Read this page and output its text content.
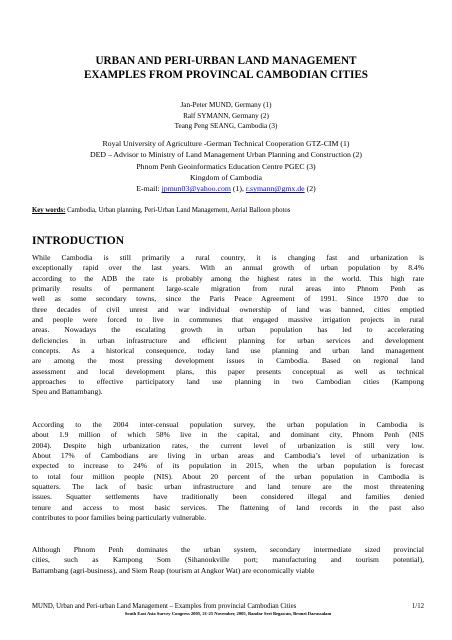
URBAN AND PERI-URBAN LAND MANAGEMENT
EXAMPLES FROM PROVINCAL CAMBODIAN CITIES
Jan-Peter MUND, Germany (1)
Ralf SYMANN, Germany (2)
Teang Peng SEANG, Cambodia (3)
Royal University of Agriculture -German Technical Cooperation GTZ-CIM (1)
DED – Advisor to Ministry of Land Management Urban Planning and Construction (2)
Phnom Penh Geoinformatics Education Centre PGEC (3)
Kingdom of Cambodia
E-mail: jpmun03@yahoo.com (1), r.symann@gmx.de (2)
Key words: Cambodia, Urban planning, Peri-Urban Land Management, Aerial Balloon photos
INTRODUCTION

While Cambodia is still primarily a rural country, it is changing fast and urbanization is
exceptionally rapid over the last years. With an annual growth of urban population by 8.4%
according to the ADB the rate is probably among the highest rates in the world. This high rate
primarily results of permanent large-scale migration from rural areas into Phnom Penh as
well as some secondary towns, since the Paris Peace Agreement of 1991. Since 1970 due to
three decades of civil unrest and war individual ownership of land was banned, cities emptied
and people were forced to live in communes that engaged massive irrigation projects in rural
areas. Nowadays the escalating growth in urban population has led to accelerating
deficiencies in urban infrastructure and efficient planning for urban services and development
concepts. As a historical consequence, today land use planning and urban land management
are among the most pressing development issues in Cambodia. Based on regional land
assessment and local development plans, this paper presents conceptual as well as technical
approaches to effective participatory land use planning in two Cambodian cities (Kampong
Speu and Battambang).

According to the 2004 inter-censual population survey, the urban population in Cambodia is
about 1.9 million of which 58% live in the capital, and dominant city, Phnom Penh (NIS
2004). Despite high urbanization rates, the current level of urbanization is still very low.
About 17% of Cambodians are living in urban areas and Cambodia’s level of urbanization is
expected to increase to 24% of its population in 2015, when the urban population is forecast
to total four million people (NIS). About 20 percent of the urban population in Cambodia is
squatters. The lack of basic urban infrastructure and land tenure are the most threatening
issues. Squatter settlements have traditionally been considered illegal and families denied
tenure and access to most basic services. The flattening of land records in the past also
contributes to poor families being particularly vulnerable.

Although Phnom Penh dominates the urban system, secondary intermediate sized provincial
cities, such as Kampong Som (Sihanoukville port; manufacturing and tourism potential),
Battambang (agri-business), and Siem Reap (tourism at Angkor Wat) are economically viable

MUND, Urban and Peri-urban Land Management – Examples from provincial Cambodian Cities	1/12
South East Asia Survey Congress 2005, 21-25 November, 2005, Bandar Seri Begawan, Brunei Darussalam
